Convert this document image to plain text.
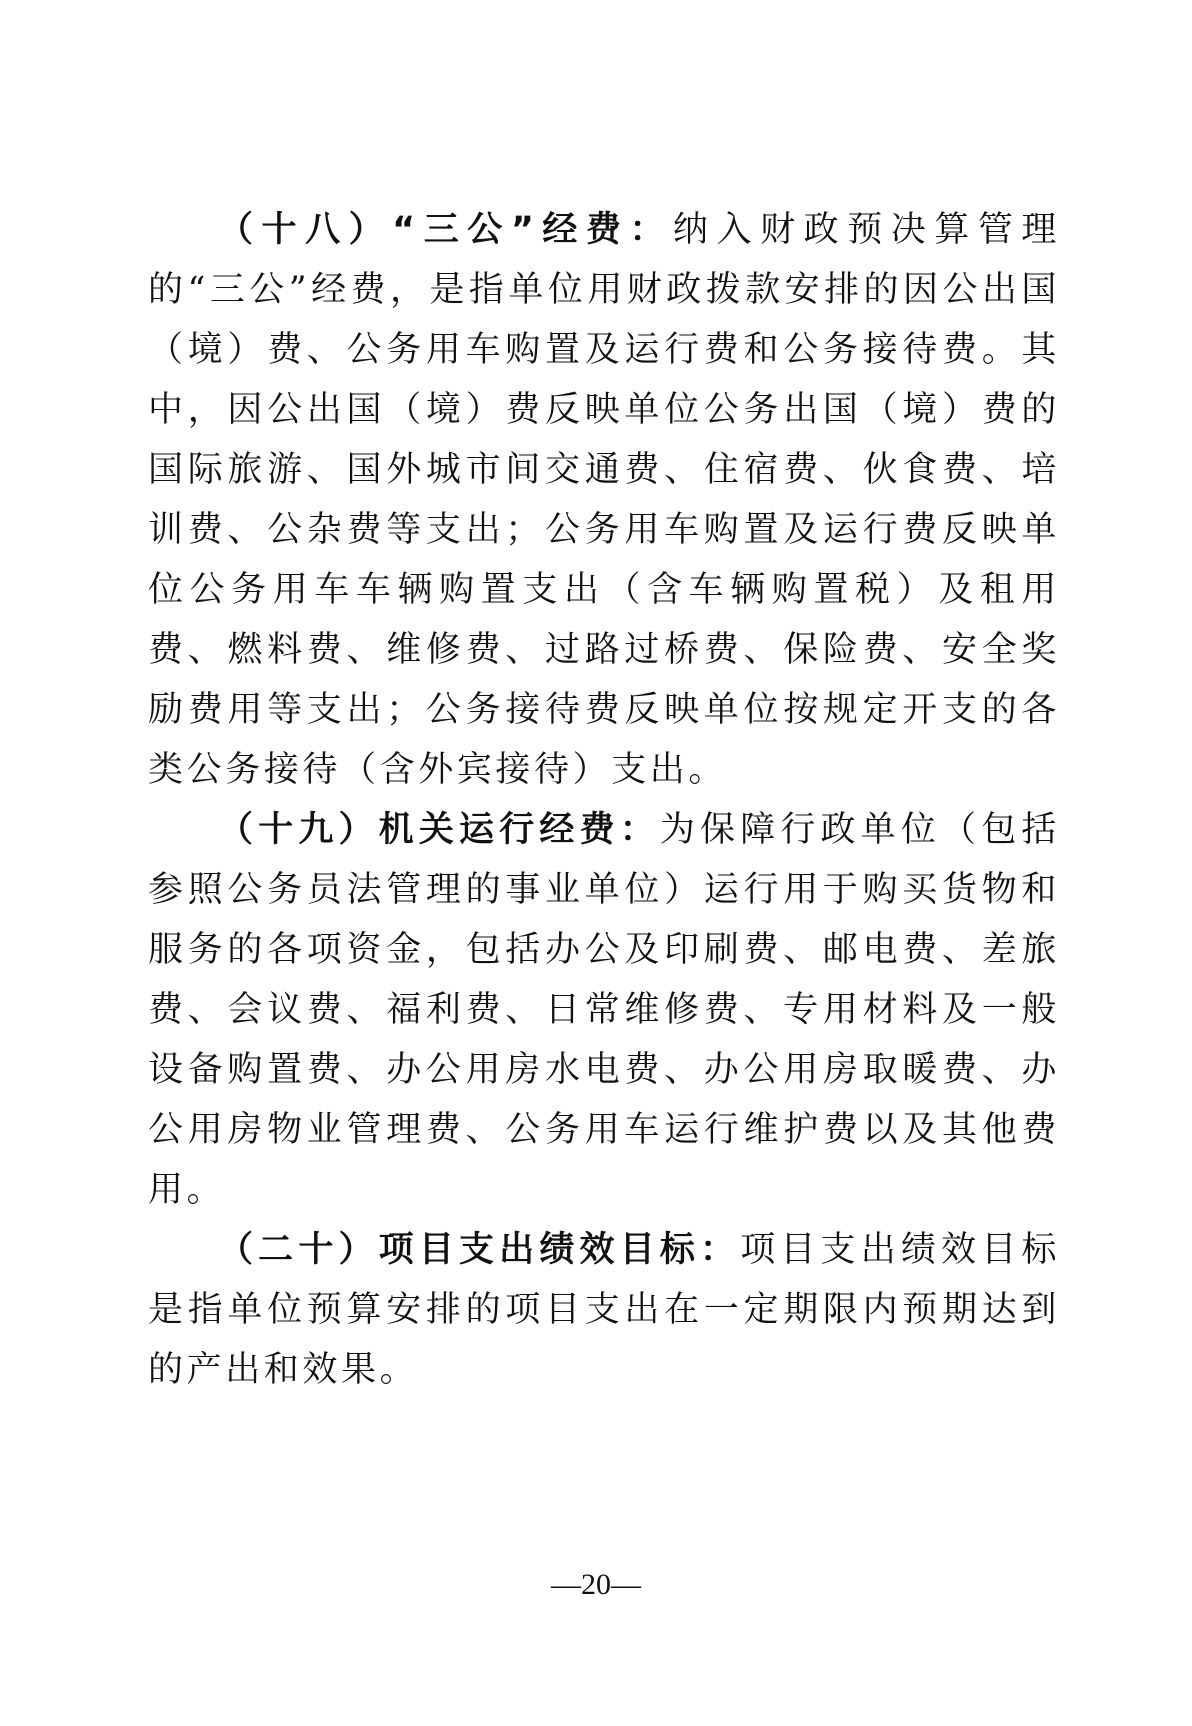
（十八）“三公”经费：纳入财政预决算管理的“三公”经费，是指单位用财政拨款安排的因公出国（境）费、公务用车购置及运行费和公务接待费。其中，因公出国（境）费反映单位公务出国（境）费的国际旅游、国外城市间交通费、住宿费、伙食费、培训费、公杂费等支出；公务用车购置及运行费反映单位公务用车车辆购置支出（含车辆购置税）及租用费、燃料费、维修费、过路过桥费、保险费、安全奖励费用等支出；公务接待费反映单位按规定开支的各类公务接待（含外宾接待）支出。

（十九）机关运行经费：为保障行政单位（包括参照公务员法管理的事业单位）运行用于购买货物和服务的各项资金，包括办公及印刷费、邮电费、差旅费、会议费、福利费、日常维修费、专用材料及一般设备购置费、办公用房水电费、办公用房取暖费、办公用房物业管理费、公务用车运行维护费以及其他费用。

（二十）项目支出绩效目标：项目支出绩效目标是指单位预算安排的项目支出在一定期限内预期达到的产出和效果。

—20—
